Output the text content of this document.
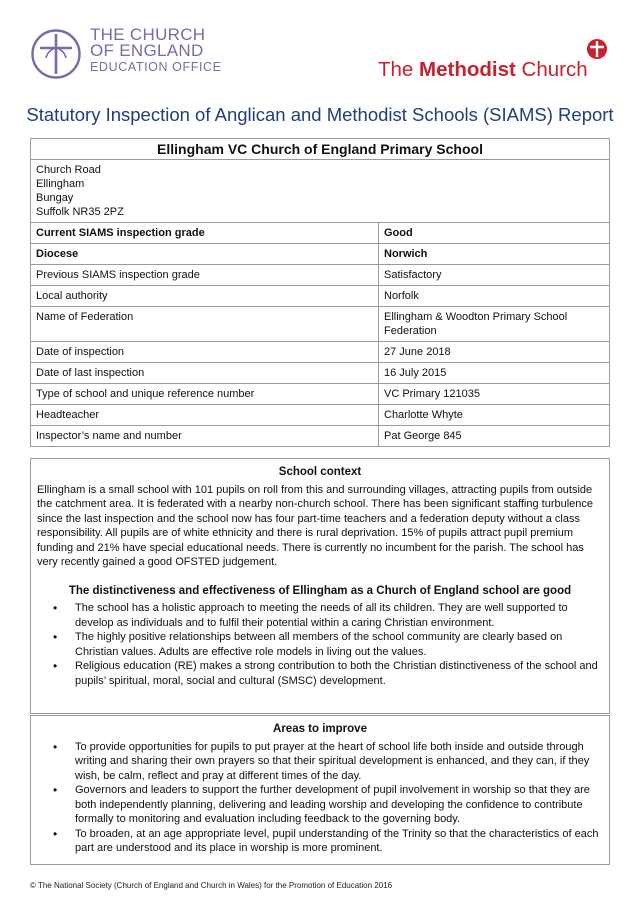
THE CHURCH
OF ENGLAND
EDUCATION OFFICE	The Methodist Church
Statutory Inspection of Anglican and Methodist Schools (SIAMS) Report
Ellingham VC Church of England Primary School	

Church Road
Ellingham
Bungay
Suffolk NR35 2PZ	

Current SIAMS inspection grade	Good
Diocese	Norwich
Previous SIAMS inspection grade	Satisfactory
Local authority	Norfolk
Name of Federation	Ellingham & Woodton Primary School Federation
Date of inspection	27 June 2018
Date of last inspection	16 July 2015
Type of school and unique reference number	VC Primary 121035
Headteacher	Charlotte Whyte
Inspector’s name and number	Pat George 845
School context
Ellingham is a small school with 101 pupils on roll from this and surrounding villages, attracting pupils from outside the catchment area. It is federated with a nearby non-church school. There has been significant staffing turbulence since the last inspection and the school now has four part-time teachers and a federation deputy without a class responsibility. All pupils are of white ethnicity and there is rural deprivation. 15% of pupils attract pupil premium funding and 21% have special educational needs. There is currently no incumbent for the parish. The school has very recently gained a good OFSTED judgement.
The distinctiveness and effectiveness of Ellingham as a Church of England school are good
• The school has a holistic approach to meeting the needs of all its children. They are well supported to develop as individuals and to fulfil their potential within a caring Christian environment.
• The highly positive relationships between all members of the school community are clearly based on Christian values. Adults are effective role models in living out the values.
• Religious education (RE) makes a strong contribution to both the Christian distinctiveness of the school and pupils’ spiritual, moral, social and cultural (SMSC) development.
Areas to improve
• To provide opportunities for pupils to put prayer at the heart of school life both inside and outside through writing and sharing their own prayers so that their spiritual development is enhanced, and they can, if they wish, be calm, reflect and pray at different times of the day.
• Governors and leaders to support the further development of pupil involvement in worship so that they are both independently planning, delivering and leading worship and developing the confidence to contribute formally to monitoring and evaluation including feedback to the governing body.
• To broaden, at an age appropriate level, pupil understanding of the Trinity so that the characteristics of each part are understood and its place in worship is more prominent.
© The National Society (Church of England and Church in Wales) for the Promotion of Education 2016
